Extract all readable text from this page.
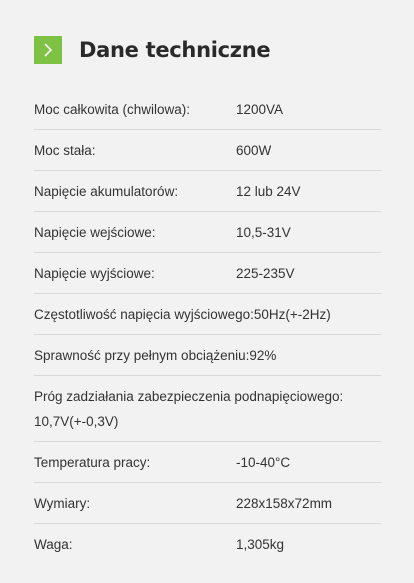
Dane techniczne
Moc całkowita (chwilowa):	1200VA
Moc stała:	600W
Napięcie akumulatorów:	12 lub 24V
Napięcie wejściowe:	10,5-31V
Napięcie wyjściowe:	225-235V
Częstotliwość napięcia wyjściowego: 50Hz(+-2Hz)
Sprawność przy pełnym obciążeniu: 92%
Próg zadziałania zabezpieczenia podnapięciowego: 10,7V(+-0,3V)
Temperatura pracy:	-10-40°C
Wymiary:	228x158x72mm
Waga:	1,305kg
